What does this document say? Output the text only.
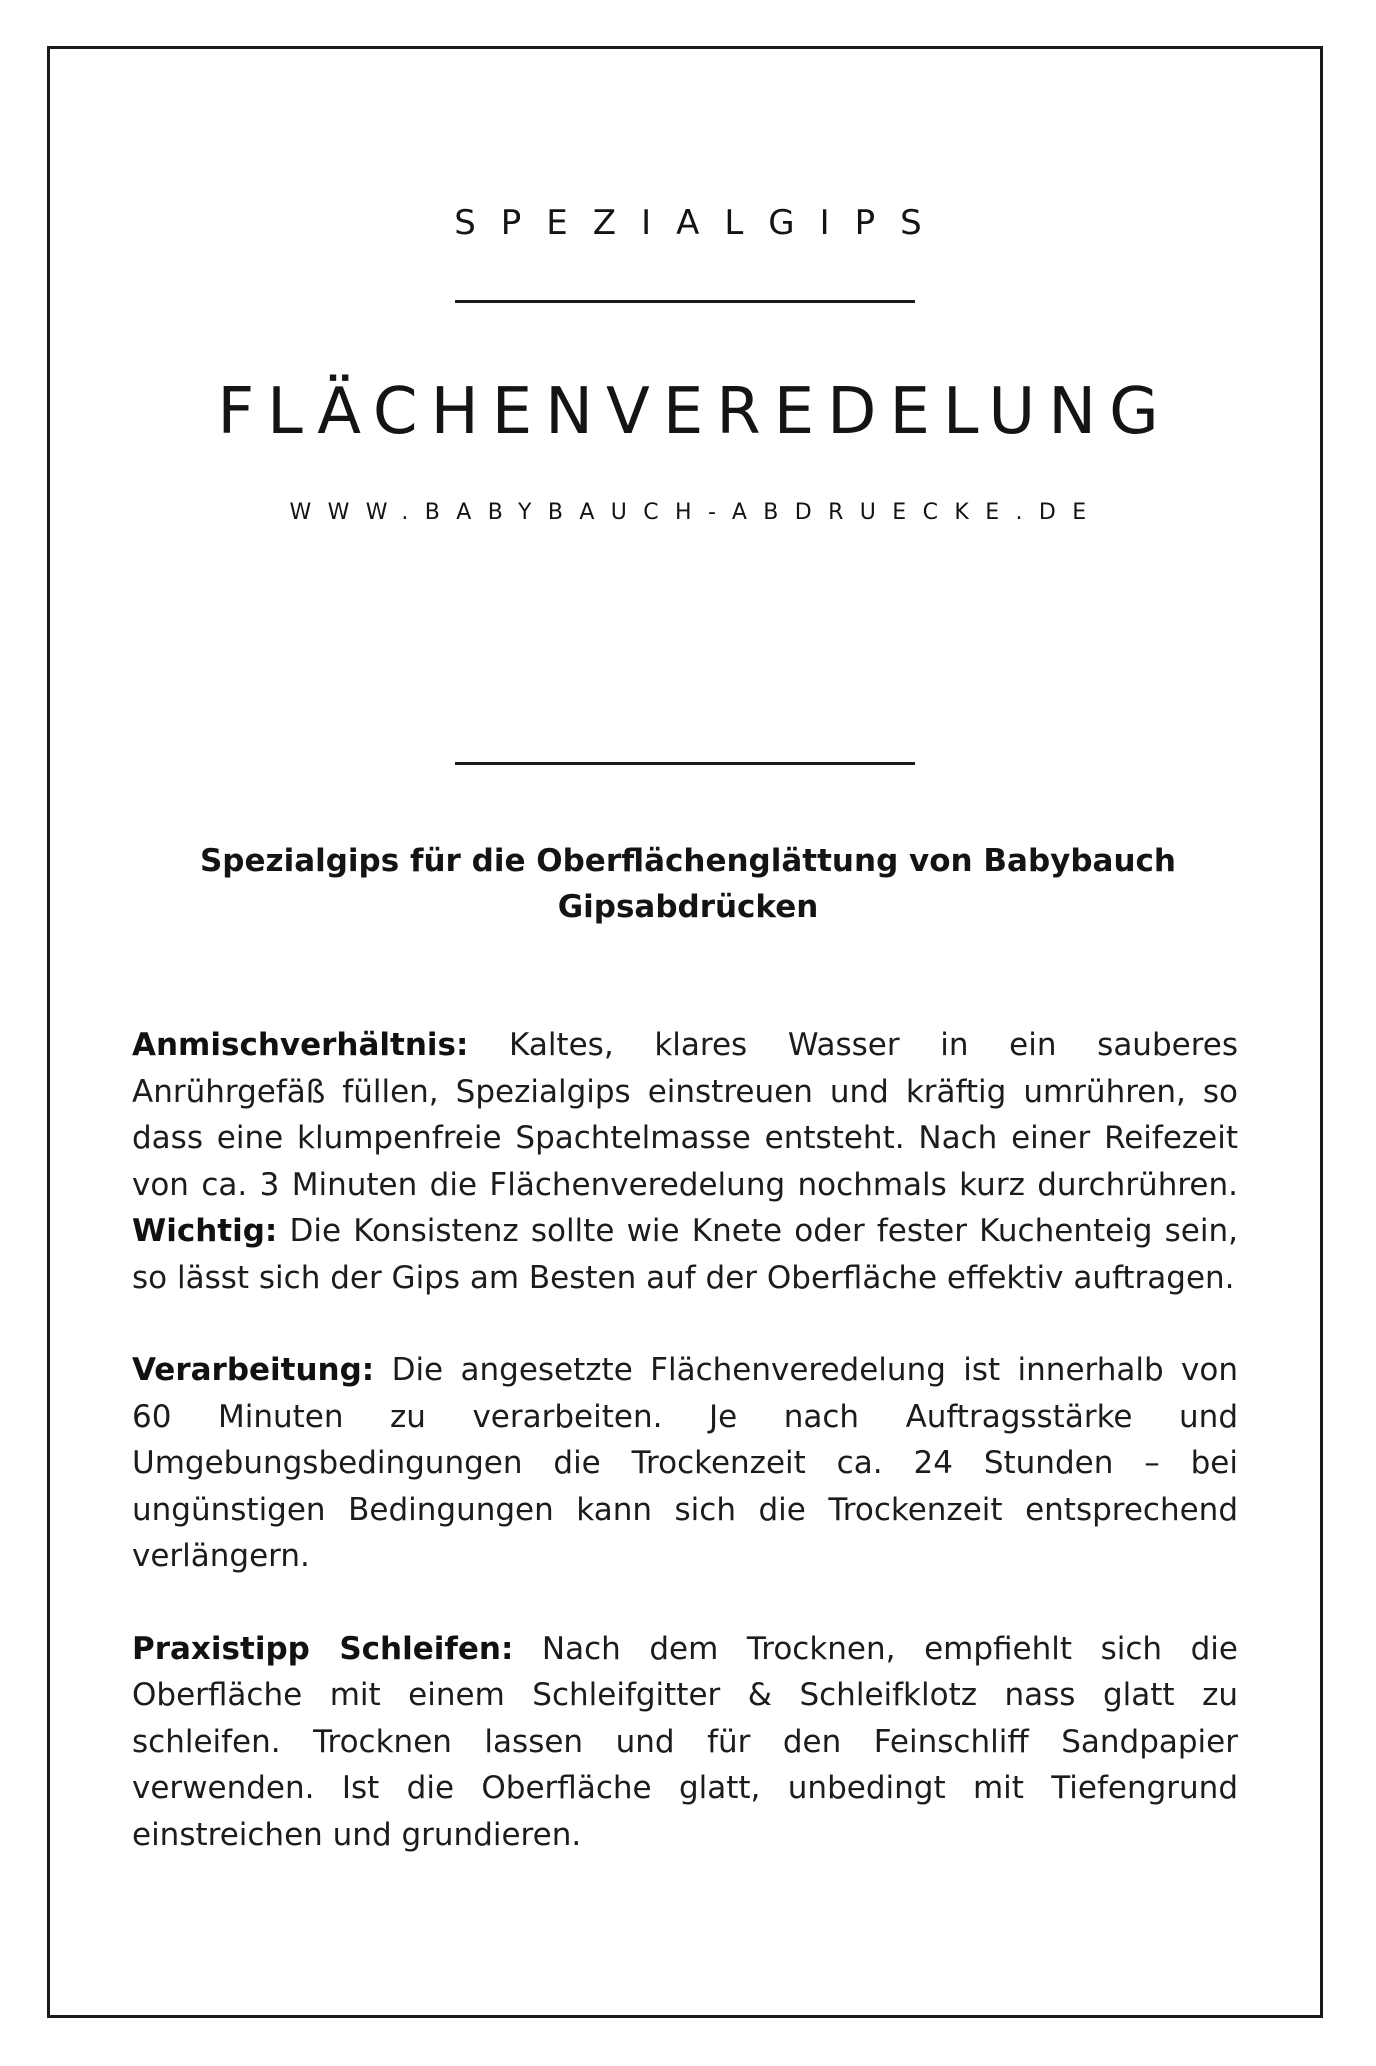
SPEZIALGIPS
FLÄCHENVEREDELUNG
WWW.BABYBAUCH-ABDRUECKE.DE
Spezialgips für die Oberflächenglättung von Babybauch
Gipsabdrücken

Anmischverhältnis: Kaltes, klares Wasser in ein sauberes Anrührgefäß füllen, Spezialgips einstreuen und kräftig umrühren, so dass eine klumpenfreie Spachtelmasse entsteht. Nach einer Reifezeit von ca. 3 Minuten die Flächenveredelung nochmals kurz durchrühren. Wichtig: Die Konsistenz sollte wie Knete oder fester Kuchenteig sein, so lässt sich der Gips am Besten auf der Oberfläche effektiv auftragen.

Verarbeitung: Die angesetzte Flächenveredelung ist innerhalb von 60 Minuten zu verarbeiten. Je nach Auftragsstärke und Umgebungsbedingungen die Trockenzeit ca. 24 Stunden – bei ungünstigen Bedingungen kann sich die Trockenzeit entsprechend verlängern.

Praxistipp Schleifen: Nach dem Trocknen, empfiehlt sich die Oberfläche mit einem Schleifgitter & Schleifklotz nass glatt zu schleifen. Trocknen lassen und für den Feinschliff Sandpapier verwenden. Ist die Oberfläche glatt, unbedingt mit Tiefengrund einstreichen und grundieren.
